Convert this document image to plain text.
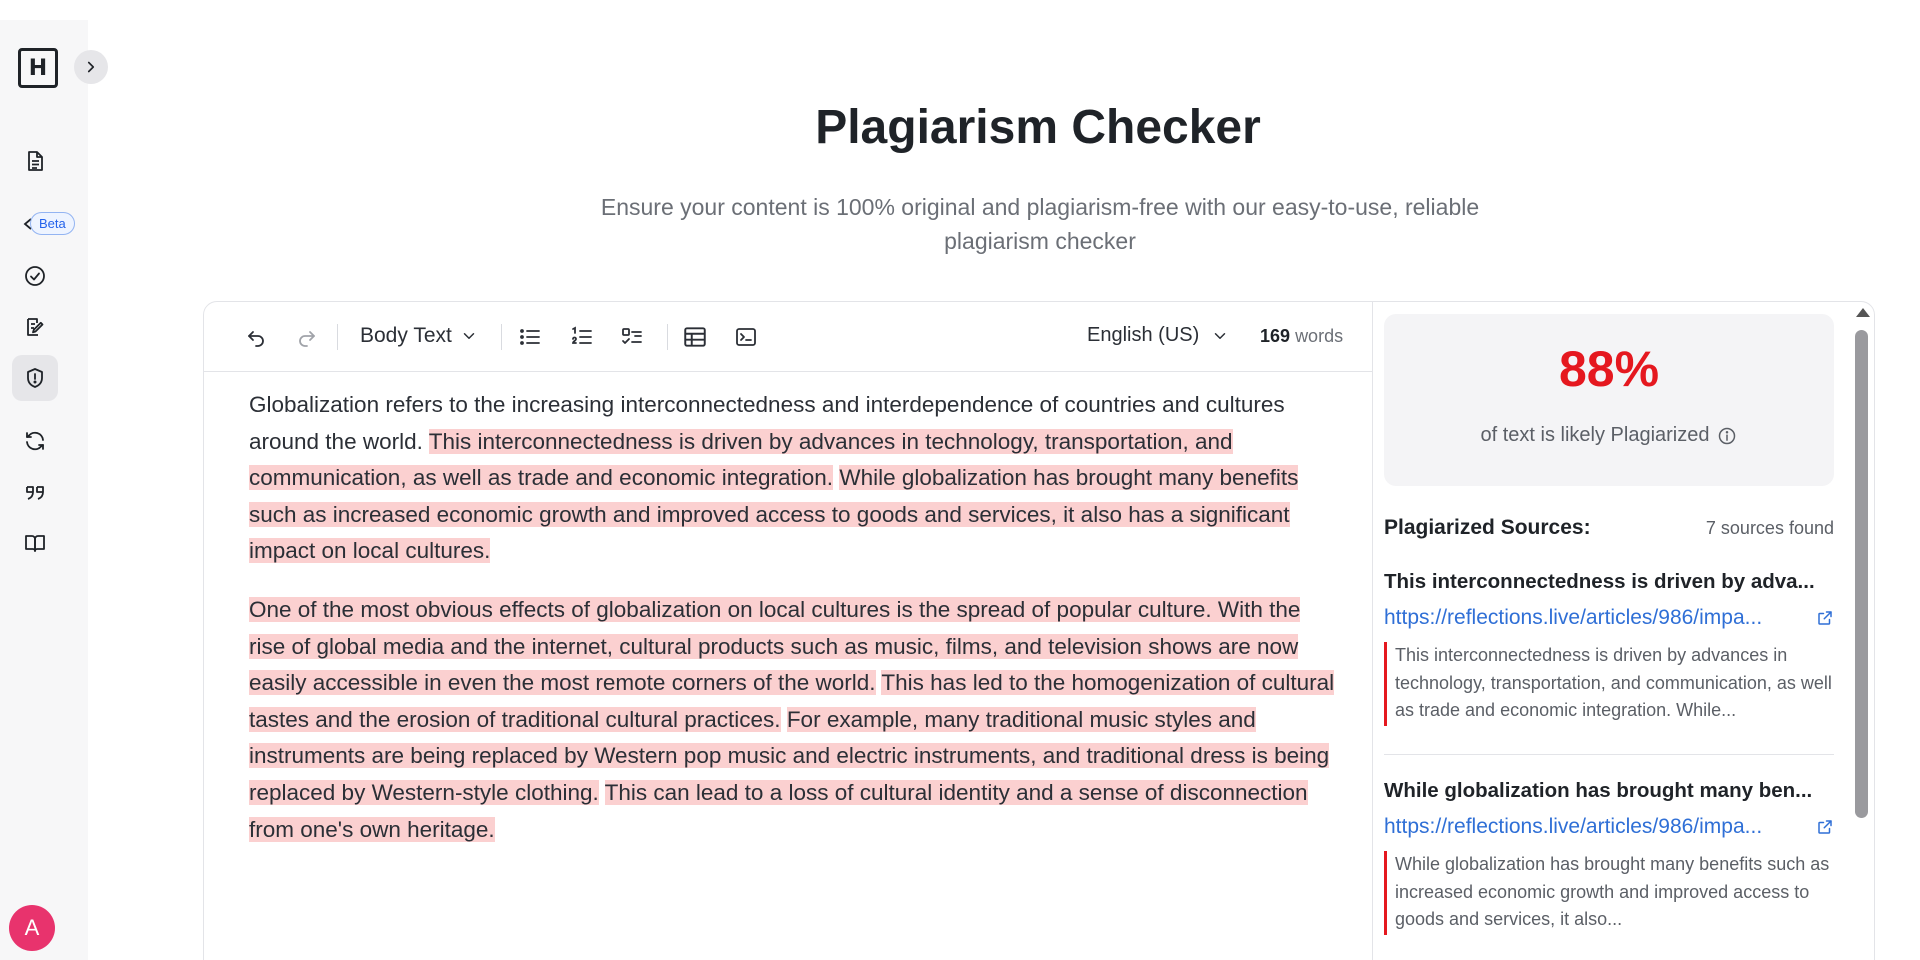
H
Beta
A
Plagiarism Checker
Ensure your content is 100% original and plagiarism-free with our easy-to-use, reliable plagiarism checker
Body Text	English (US)	169 words

Globalization refers to the increasing interconnectedness and interdependence of countries and cultures around the world. This interconnectedness is driven by advances in technology, transportation, and communication, as well as trade and economic integration. While globalization has brought many benefits such as increased economic growth and improved access to goods and services, it also has a significant impact on local cultures.

One of the most obvious effects of globalization on local cultures is the spread of popular culture. With the rise of global media and the internet, cultural products such as music, films, and television shows are now easily accessible in even the most remote corners of the world. This has led to the homogenization of cultural tastes and the erosion of traditional cultural practices. For example, many traditional music styles and instruments are being replaced by Western pop music and electric instruments, and traditional dress is being replaced by Western-style clothing. This can lead to a loss of cultural identity and a sense of disconnection from one's own heritage.

88%
of text is likely Plagiarized
Plagiarized Sources:	7 sources found
This interconnectedness is driven by adva...
https://reflections.live/articles/986/impa...
This interconnectedness is driven by advances in technology, transportation, and communication, as well as trade and economic integration. While...
While globalization has brought many ben...
https://reflections.live/articles/986/impa...
While globalization has brought many benefits such as increased economic growth and improved access to goods and services, it also...
